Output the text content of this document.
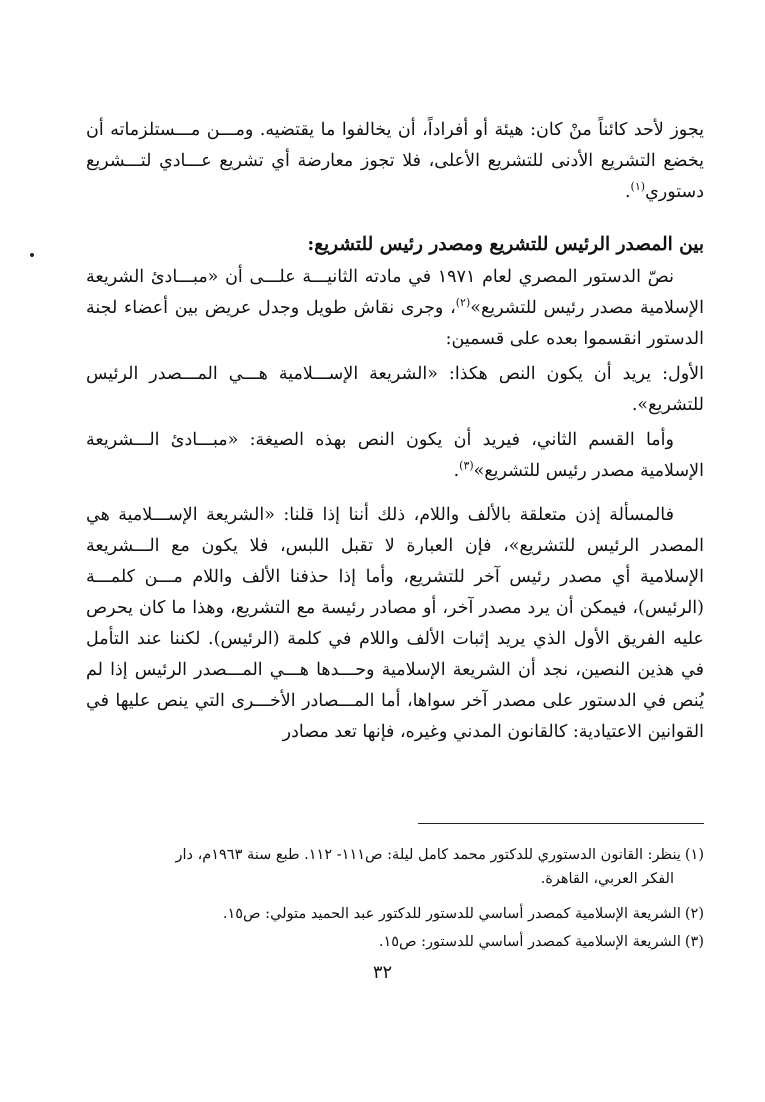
يجوز لأحد كائناً منْ كان: هيئة أو أفراداً، أن يخالفوا ما يقتضيه. ومـــن مـــستلزماته أن يخضع التشريع الأدنى للتشريع الأعلى، فلا تجوز معارضة أي تشريع عـــادي لتـــشريع دستوري$^{(١)}$.

بين المصدر الرئيس للتشريع ومصدر رئيس للتشريع:

نصّ الدستور المصري لعام ١٩٧١ في مادته الثانيـــة علـــى أن «مبـــادئ الشريعة الإسلامية مصدر رئيس للتشريع»$^{(٢)}$، وجرى نقاش طويل وجدل عريض بين أعضاء لجنة الدستور انقسموا بعده على قسمين:

الأول: يريد أن يكون النص هكذا: «الشريعة الإســـلامية هـــي المـــصدر الرئيس للتشريع».

وأما القسم الثاني، فيريد أن يكون النص بهذه الصيغة: «مبـــادئ الـــشريعة الإسلامية مصدر رئيس للتشريع»$^{(٣)}$.

فالمسألة إذن متعلقة بالألف واللام، ذلك أننا إذا قلنا: «الشريعة الإســـلامية هي المصدر الرئيس للتشريع»، فإن العبارة لا تقبل اللبس، فلا يكون مع الـــشريعة الإسلامية أي مصدر رئيس آخر للتشريع، وأما إذا حذفنا الألف واللام مـــن كلمـــة (الرئيس)، فيمكن أن يرد مصدر آخر، أو مصادر رئيسة مع التشريع، وهذا ما كان يحرص عليه الفريق الأول الذي يريد إثبات الألف واللام في كلمة (الرئيس). لكننا عند التأمل في هذين النصين، نجد أن الشريعة الإسلامية وحـــدها هـــي المـــصدر الرئيس إذا لم يُنص في الدستور على مصدر آخر سواها، أما المـــصادر الأخـــرى التي ينص عليها في القوانين الاعتيادية: كالقانون المدني وغيره، فإنها تعد مصادر

(١)ينظر: القانون الدستوري للدكتور محمد كامل ليلة: ص١١١- ١١٢. طبع سنة ١٩٦٣م، دار
الفكر العربي، القاهرة.

(٢)الشريعة الإسلامية كمصدر أساسي للدستور للدكتور عبد الحميد متولي: ص١٥.

(٣)الشريعة الإسلامية كمصدر أساسي للدستور: ص١٥.

٣٢
